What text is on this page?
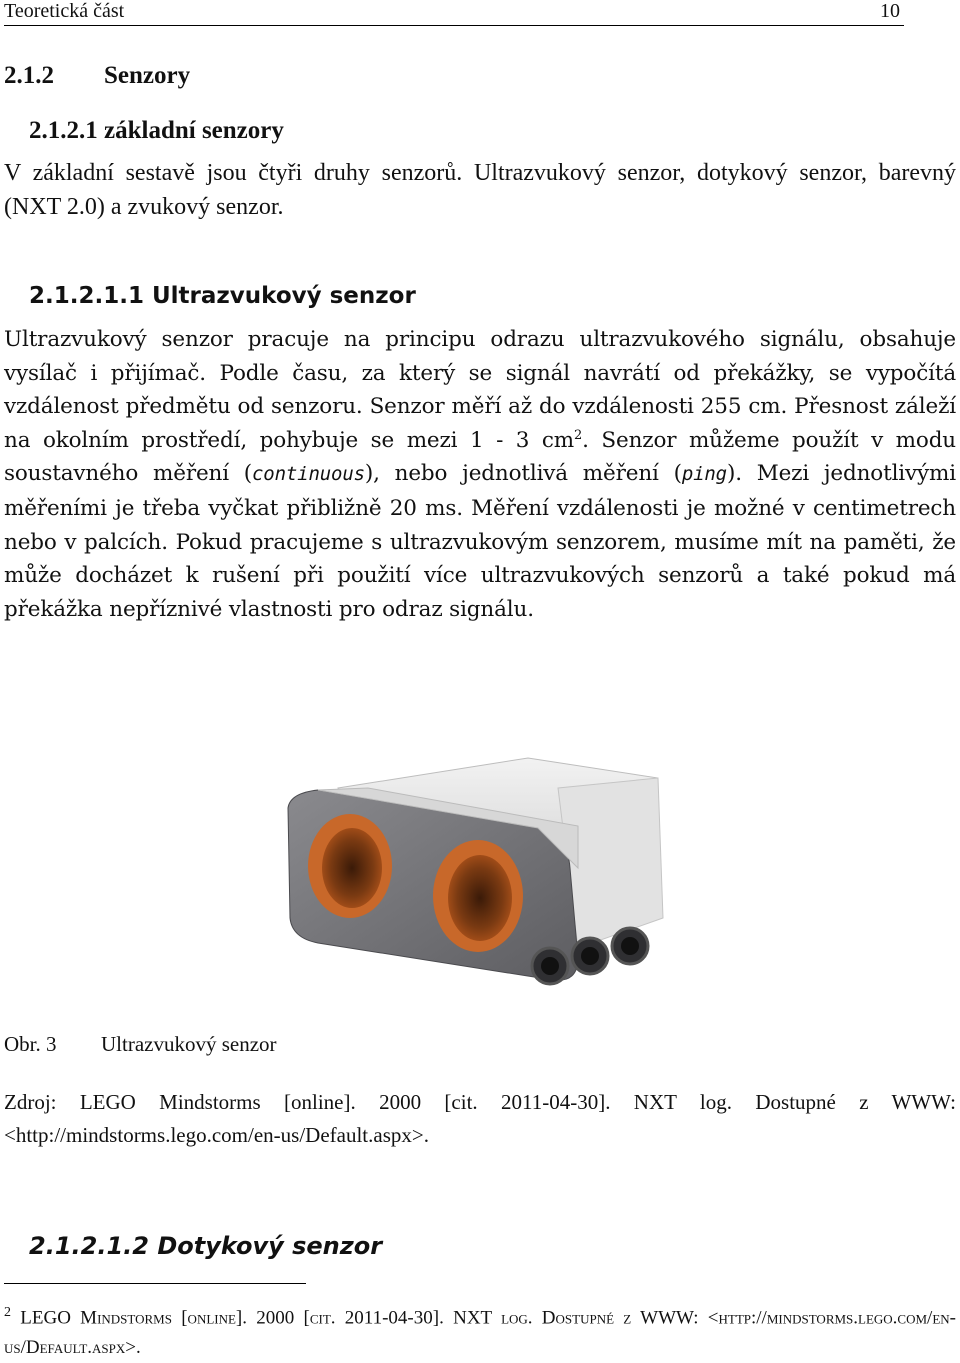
Teoretická část	10
2.1.2 Senzory
2.1.2.1 základní senzory
V základní sestavě jsou čtyři druhy senzorů. Ultrazvukový senzor, dotykový senzor, barevný (NXT 2.0) a zvukový senzor.
2.1.2.1.1 Ultrazvukový senzor
Ultrazvukový senzor pracuje na principu odrazu ultrazvukového signálu, obsahuje vysílač i přijímač. Podle času, za který se signál navrátí od překážky, se vypočítá vzdálenost předmětu od senzoru. Senzor měří až do vzdálenosti 255 cm. Přesnost záleží na okolním prostředí, pohybuje se mezi 1 - 3 $cm^2$. Senzor můžeme použít v modu soustavného měření (continuous), nebo jednotlivá měření (ping). Mezi jednotlivými měřeními je třeba vyčkat přibližně 20 ms. Měření vzdálenosti je možné v centimetrech nebo v palcích. Pokud pracujeme s ultrazvukovým senzorem, musíme mít na paměti, že může docházet k rušení při použití více ultrazvukových senzorů a také pokud má překážka nepříznivé vlastnosti pro odraz signálu.
Obr. 3 Ultrazvukový senzor
Zdroj: LEGO Mindstorms [online]. 2000 [cit. 2011-04-30]. NXT log. Dostupné z WWW: <http://mindstorms.lego.com/en-us/Default.aspx>.
2.1.2.1.2 Dotykový senzor
$^2$ LEGO Mindstorms [online]. 2000 [cit. 2011-04-30]. NXT log. Dostupné z WWW: <http://mindstorms.lego.com/en-us/Default.aspx>.
